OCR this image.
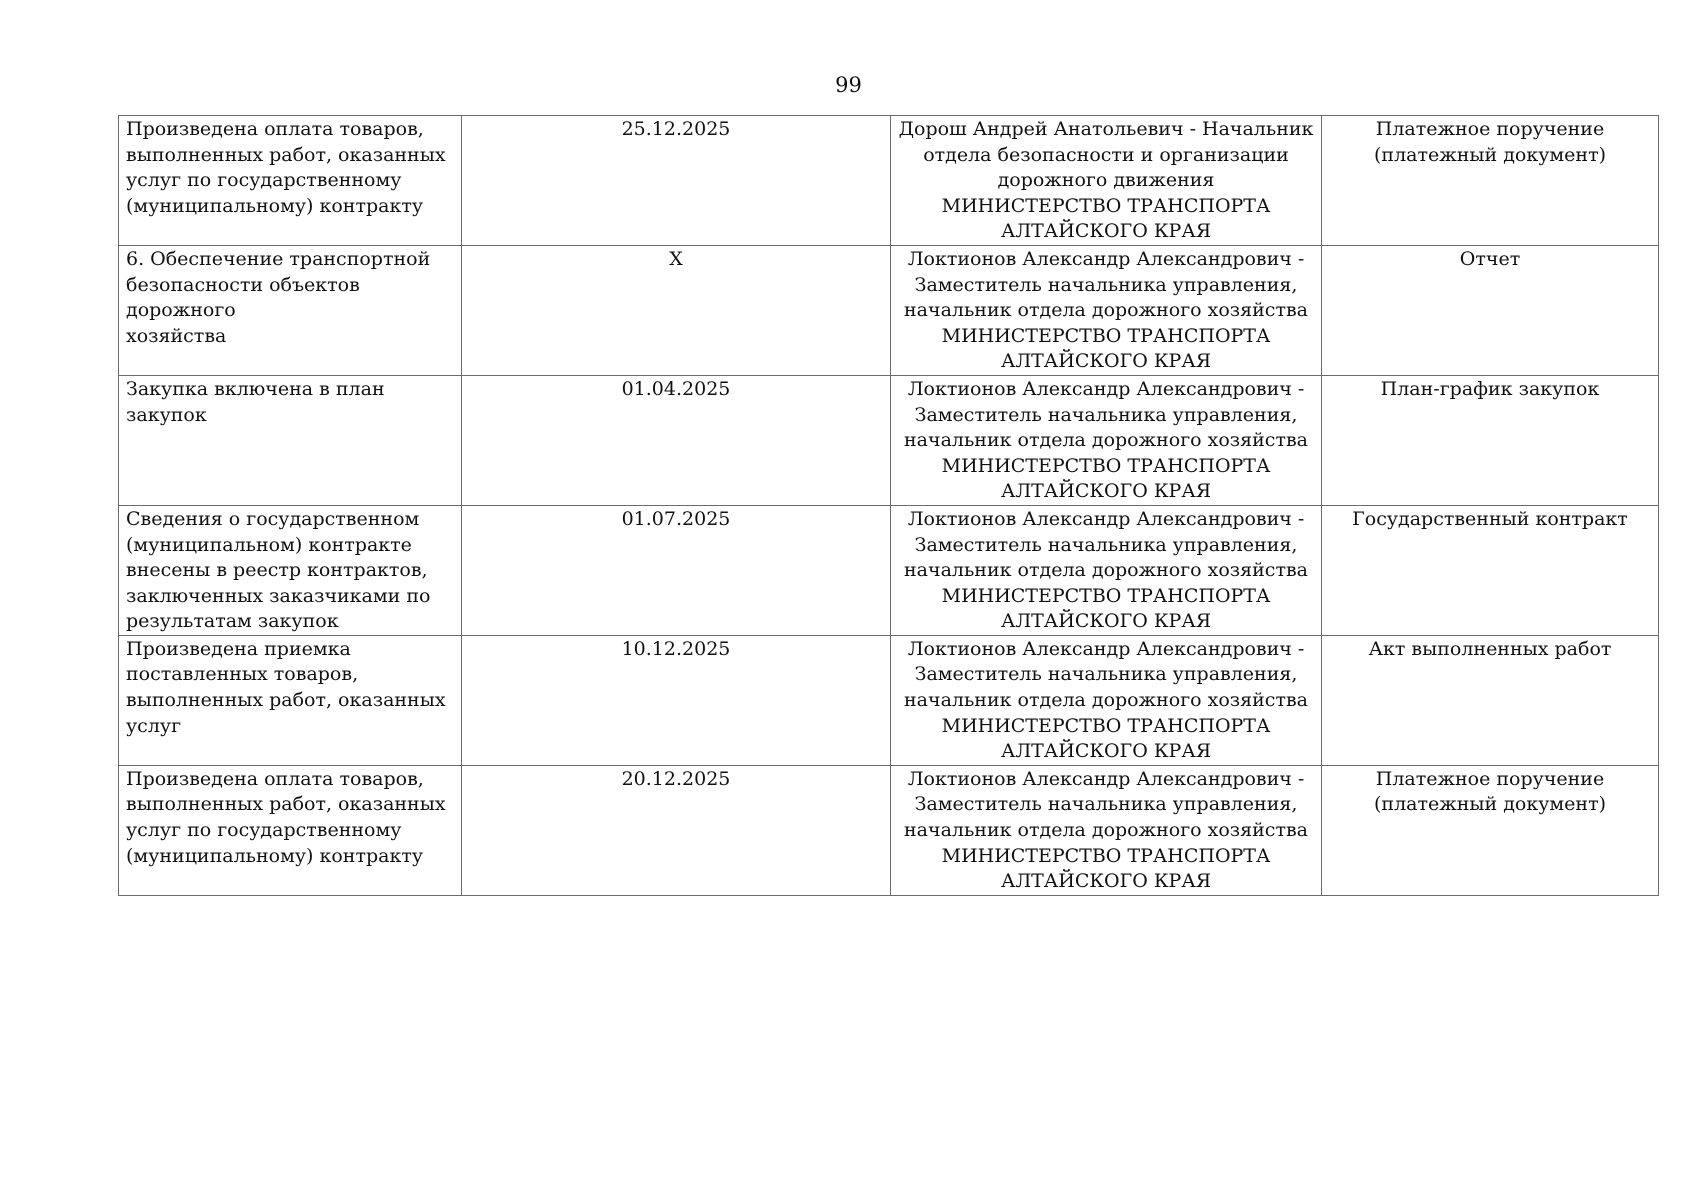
99
Произведена оплата товаров,
выполненных работ, оказанных
услуг по государственному
(муниципальному) контракту	25.12.2025	Дорош Андрей Анатольевич - Начальник
отдела безопасности и организации
дорожного движения
МИНИСТЕРСТВО ТРАНСПОРТА
АЛТАЙСКОГО КРАЯ	Платежное поручение
(платежный документ)

6. Обеспечение транспортной
безопасности объектов дорожного
хозяйства	X	Локтионов Александр Александрович -
Заместитель начальника управления,
начальник отдела дорожного хозяйства
МИНИСТЕРСТВО ТРАНСПОРТА
АЛТАЙСКОГО КРАЯ	Отчет

Закупка включена в план закупок	01.04.2025	Локтионов Александр Александрович -
Заместитель начальника управления,
начальник отдела дорожного хозяйства
МИНИСТЕРСТВО ТРАНСПОРТА
АЛТАЙСКОГО КРАЯ	План-график закупок

Сведения о государственном
(муниципальном) контракте
внесены в реестр контрактов,
заключенных заказчиками по
результатам закупок	01.07.2025	Локтионов Александр Александрович -
Заместитель начальника управления,
начальник отдела дорожного хозяйства
МИНИСТЕРСТВО ТРАНСПОРТА
АЛТАЙСКОГО КРАЯ	Государственный контракт

Произведена приемка
поставленных товаров,
выполненных работ, оказанных
услуг	10.12.2025	Локтионов Александр Александрович -
Заместитель начальника управления,
начальник отдела дорожного хозяйства
МИНИСТЕРСТВО ТРАНСПОРТА
АЛТАЙСКОГО КРАЯ	Акт выполненных работ

Произведена оплата товаров,
выполненных работ, оказанных
услуг по государственному
(муниципальному) контракту	20.12.2025	Локтионов Александр Александрович -
Заместитель начальника управления,
начальник отдела дорожного хозяйства
МИНИСТЕРСТВО ТРАНСПОРТА
АЛТАЙСКОГО КРАЯ	Платежное поручение
(платежный документ)
